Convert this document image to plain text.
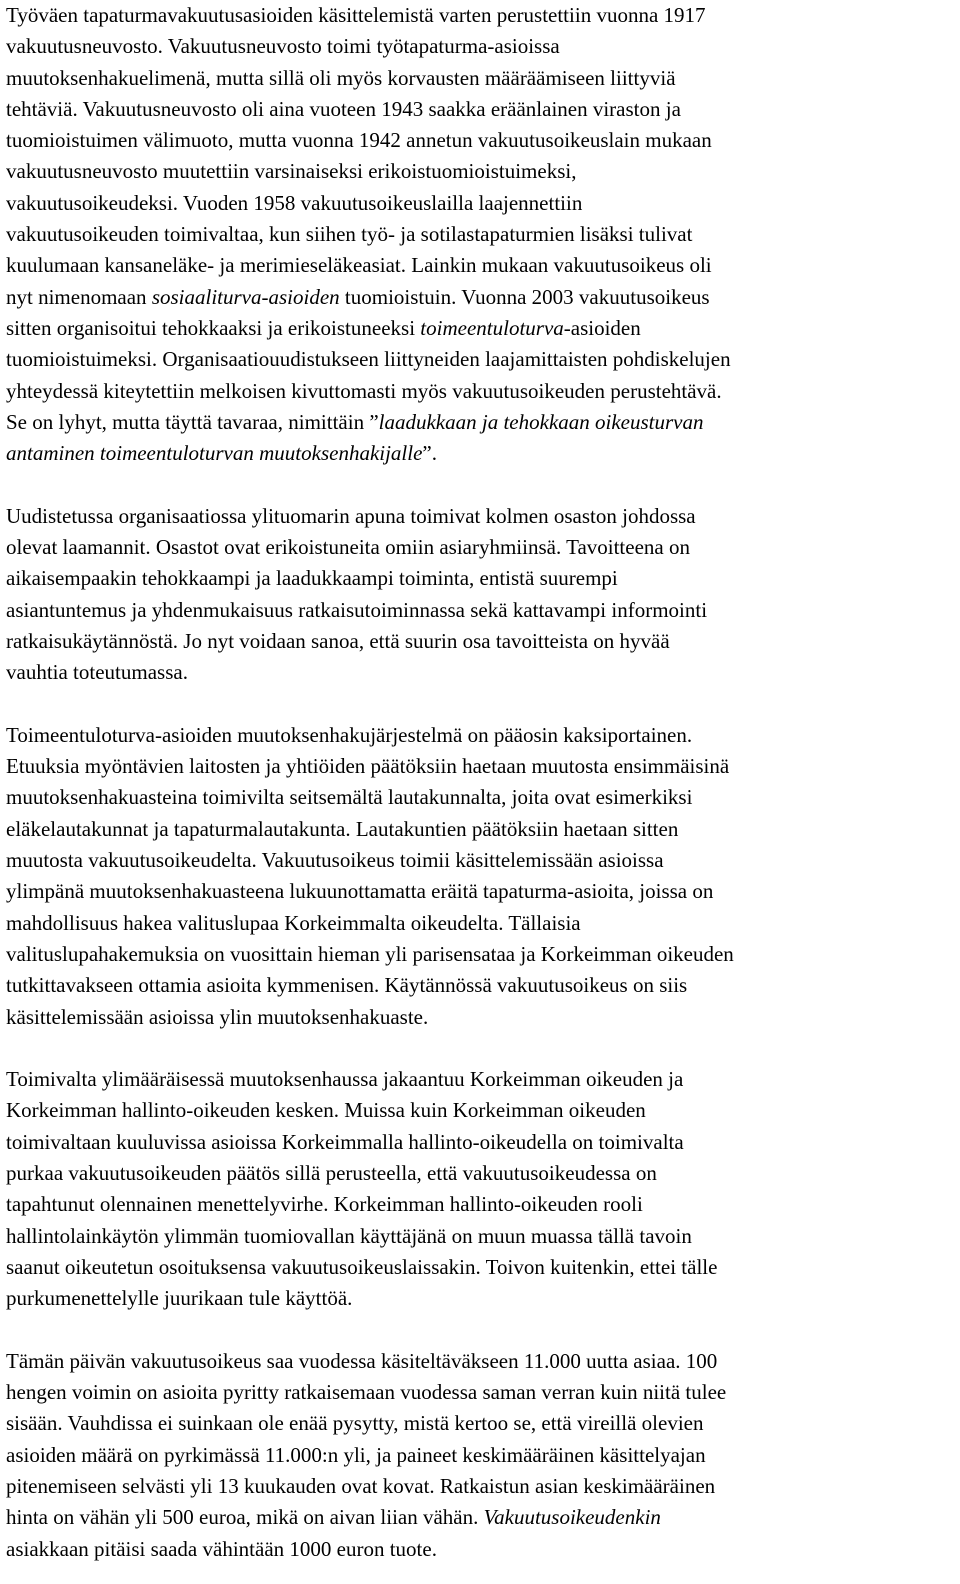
Työväen tapaturmavakuutusasioiden käsittelemistä varten perustettiin vuonna 1917
vakuutusneuvosto. Vakuutusneuvosto toimi työtapaturma-asioissa
muutoksenhakuelimenä, mutta sillä oli myös korvausten määräämiseen liittyviä
tehtäviä. Vakuutusneuvosto oli aina vuoteen 1943 saakka eräänlainen viraston ja
tuomioistuimen välimuoto, mutta vuonna 1942 annetun vakuutusoikeuslain mukaan
vakuutusneuvosto muutettiin varsinaiseksi erikoistuomioistuimeksi,
vakuutusoikeudeksi. Vuoden 1958 vakuutusoikeuslailla laajennettiin
vakuutusoikeuden toimivaltaa, kun siihen työ- ja sotilastapaturmien lisäksi tulivat
kuulumaan kansaneläke- ja merimieseläkeasiat. Lainkin mukaan vakuutusoikeus oli
nyt nimenomaan sosiaaliturva-asioiden tuomioistuin. Vuonna 2003 vakuutusoikeus
sitten organisoitui tehokkaaksi ja erikoistuneeksi toimeentuloturva-asioiden
tuomioistuimeksi. Organisaatiouudistukseen liittyneiden laajamittaisten pohdiskelujen
yhteydessä kiteytettiin melkoisen kivuttomasti myös vakuutusoikeuden perustehtävä.
Se on lyhyt, mutta täyttä tavaraa, nimittäin ”laadukkaan ja tehokkaan oikeusturvan
antaminen toimeentuloturvan muutoksenhakijalle”.
Uudistetussa organisaatiossa ylituomarin apuna toimivat kolmen osaston johdossa
olevat laamannit. Osastot ovat erikoistuneita omiin asiaryhmiinsä. Tavoitteena on
aikaisempaakin tehokkaampi ja laadukkaampi toiminta, entistä suurempi
asiantuntemus ja yhdenmukaisuus ratkaisutoiminnassa sekä kattavampi informointi
ratkaisukäytännöstä. Jo nyt voidaan sanoa, että suurin osa tavoitteista on hyvää
vauhtia toteutumassa.
Toimeentuloturva-asioiden muutoksenhakujärjestelmä on pääosin kaksiportainen.
Etuuksia myöntävien laitosten ja yhtiöiden päätöksiin haetaan muutosta ensimmäisinä
muutoksenhakuasteina toimivilta seitsemältä lautakunnalta, joita ovat esimerkiksi
eläkelautakunnat ja tapaturmalautakunta. Lautakuntien päätöksiin haetaan sitten
muutosta vakuutusoikeudelta. Vakuutusoikeus toimii käsittelemissään asioissa
ylimpänä muutoksenhakuasteena lukuunottamatta eräitä tapaturma-asioita, joissa on
mahdollisuus hakea valituslupaa Korkeimmalta oikeudelta. Tällaisia
valituslupahakemuksia on vuosittain hieman yli parisensataa ja Korkeimman oikeuden
tutkittavakseen ottamia asioita kymmenisen. Käytännössä vakuutusoikeus on siis
käsittelemissään asioissa ylin muutoksenhakuaste.
Toimivalta ylimääräisessä muutoksenhaussa jakaantuu Korkeimman oikeuden ja
Korkeimman hallinto-oikeuden kesken. Muissa kuin Korkeimman oikeuden
toimivaltaan kuuluvissa asioissa Korkeimmalla hallinto-oikeudella on toimivalta
purkaa vakuutusoikeuden päätös sillä perusteella, että vakuutusoikeudessa on
tapahtunut olennainen menettelyvirhe. Korkeimman hallinto-oikeuden rooli
hallintolainkäytön ylimmän tuomiovallan käyttäjänä on muun muassa tällä tavoin
saanut oikeutetun osoituksensa vakuutusoikeuslaissakin. Toivon kuitenkin, ettei tälle
purkumenettelylle juurikaan tule käyttöä.
Tämän päivän vakuutusoikeus saa vuodessa käsiteltäväkseen 11.000 uutta asiaa. 100
hengen voimin on asioita pyritty ratkaisemaan vuodessa saman verran kuin niitä tulee
sisään. Vauhdissa ei suinkaan ole enää pysytty, mistä kertoo se, että vireillä olevien
asioiden määrä on pyrkimässä 11.000:n yli, ja paineet keskimääräinen käsittelyajan
pitenemiseen selvästi yli 13 kuukauden ovat kovat. Ratkaistun asian keskimääräinen
hinta on vähän yli 500 euroa, mikä on aivan liian vähän. Vakuutusoikeudenkin
asiakkaan pitäisi saada vähintään 1000 euron tuote.
